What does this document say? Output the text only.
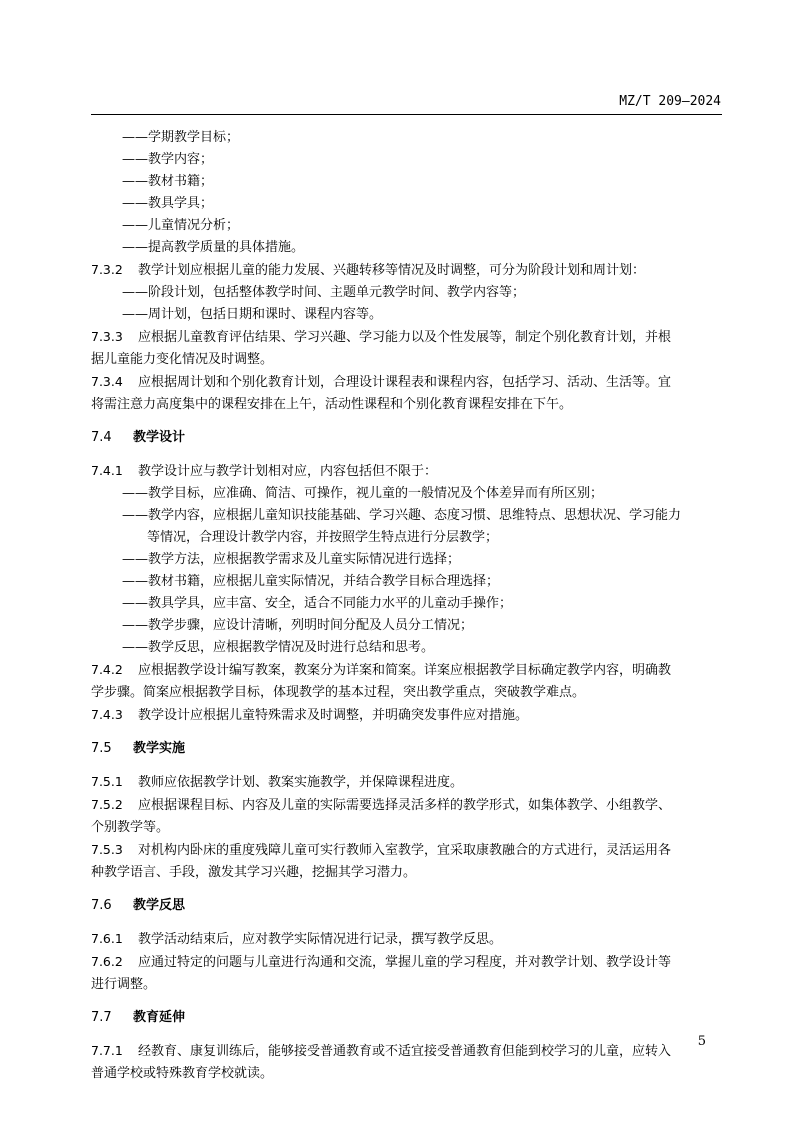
MZ/T 209—2024
——学期教学目标；
——教学内容；
——教材书籍；
——教具学具；
——儿童情况分析；
——提高教学质量的具体措施。
7.3.2 教学计划应根据儿童的能力发展、兴趣转移等情况及时调整，可分为阶段计划和周计划：
——阶段计划，包括整体教学时间、主题单元教学时间、教学内容等；
——周计划，包括日期和课时、课程内容等。
7.3.3 应根据儿童教育评估结果、学习兴趣、学习能力以及个性发展等，制定个别化教育计划，并根
据儿童能力变化情况及时调整。
7.3.4 应根据周计划和个别化教育计划，合理设计课程表和课程内容，包括学习、活动、生活等。宜
将需注意力高度集中的课程安排在上午，活动性课程和个别化教育课程安排在下午。
7.4 教学设计
7.4.1 教学设计应与教学计划相对应，内容包括但不限于：
——教学目标，应准确、简洁、可操作，视儿童的一般情况及个体差异而有所区别；
——教学内容，应根据儿童知识技能基础、学习兴趣、态度习惯、思维特点、思想状况、学习能力
等情况，合理设计教学内容，并按照学生特点进行分层教学；
——教学方法，应根据教学需求及儿童实际情况进行选择；
——教材书籍，应根据儿童实际情况，并结合教学目标合理选择；
——教具学具，应丰富、安全，适合不同能力水平的儿童动手操作；
——教学步骤，应设计清晰，列明时间分配及人员分工情况；
——教学反思，应根据教学情况及时进行总结和思考。
7.4.2 应根据教学设计编写教案，教案分为详案和简案。详案应根据教学目标确定教学内容，明确教
学步骤。简案应根据教学目标，体现教学的基本过程，突出教学重点，突破教学难点。
7.4.3 教学设计应根据儿童特殊需求及时调整，并明确突发事件应对措施。
7.5 教学实施
7.5.1 教师应依据教学计划、教案实施教学，并保障课程进度。
7.5.2 应根据课程目标、内容及儿童的实际需要选择灵活多样的教学形式，如集体教学、小组教学、
个别教学等。
7.5.3 对机构内卧床的重度残障儿童可实行教师入室教学，宜采取康教融合的方式进行，灵活运用各
种教学语言、手段，激发其学习兴趣，挖掘其学习潜力。
7.6 教学反思
7.6.1 教学活动结束后，应对教学实际情况进行记录，撰写教学反思。
7.6.2 应通过特定的问题与儿童进行沟通和交流，掌握儿童的学习程度，并对教学计划、教学设计等
进行调整。
7.7 教育延伸
7.7.1 经教育、康复训练后，能够接受普通教育或不适宜接受普通教育但能到校学习的儿童，应转入
普通学校或特殊教育学校就读。
5
